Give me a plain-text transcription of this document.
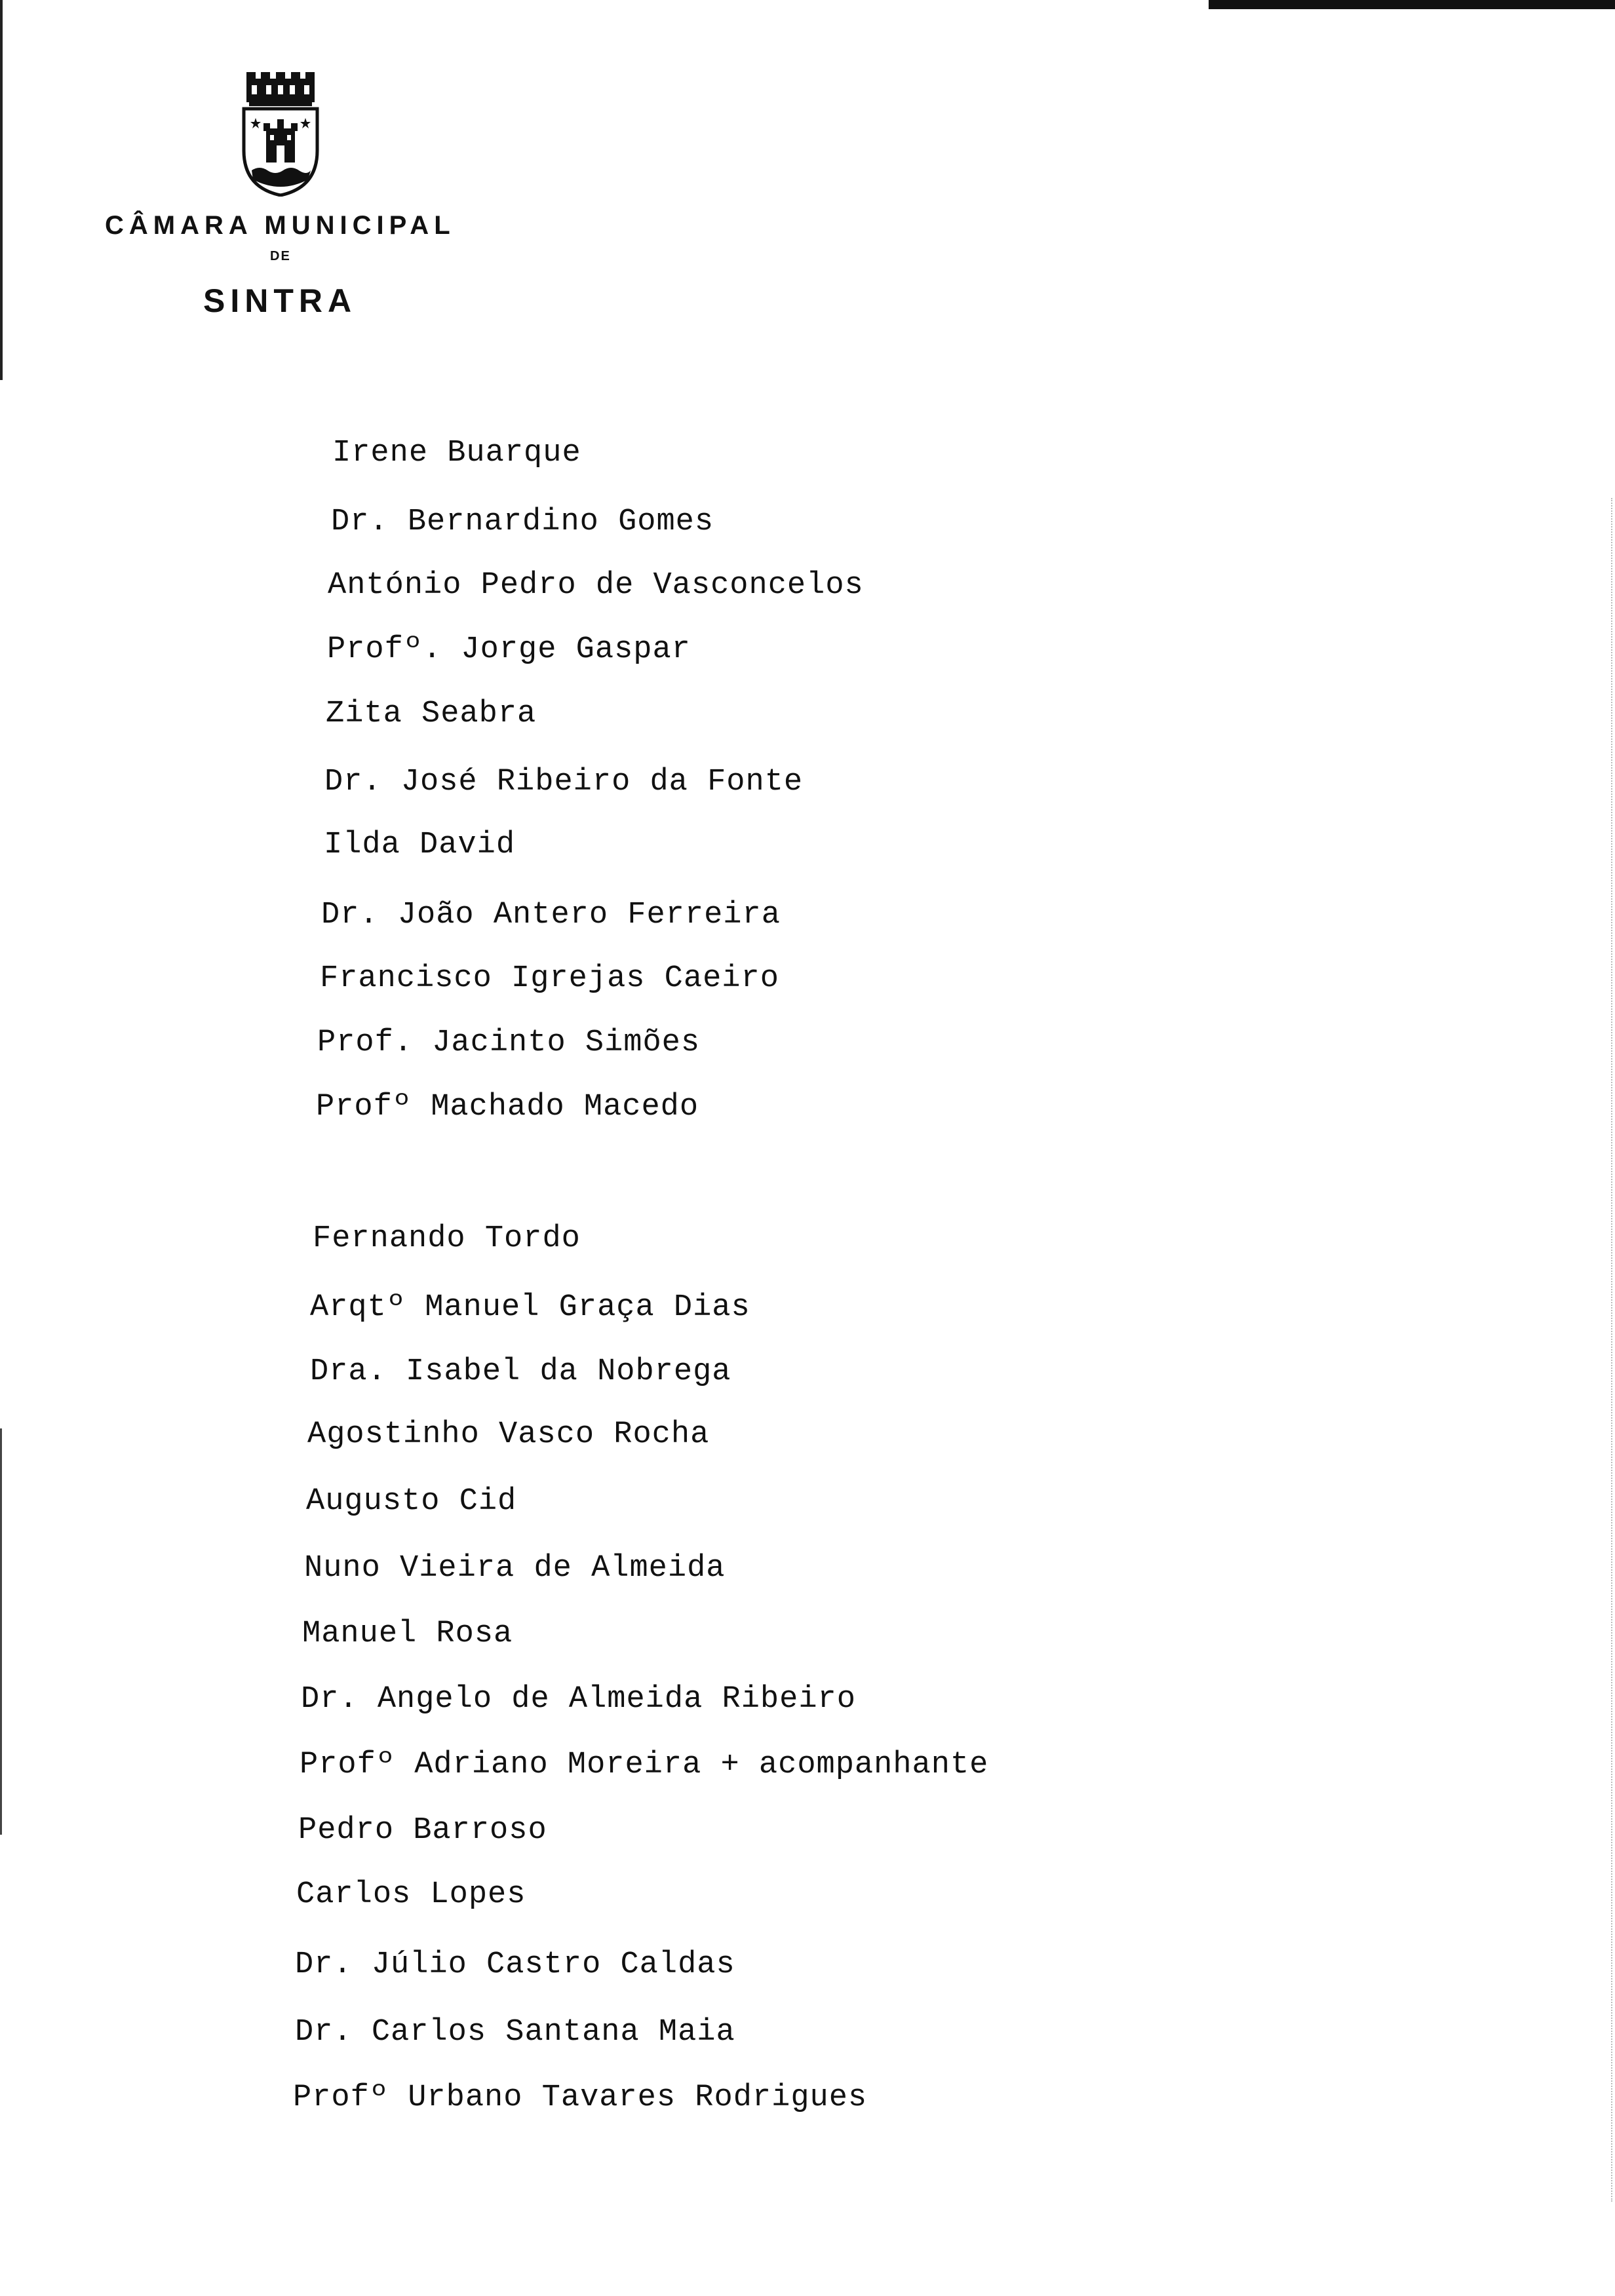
CÂMARA MUNICIPAL
DE
SINTRA
Irene Buarque
Dr. Bernardino Gomes
António Pedro de Vasconcelos
Profº. Jorge Gaspar
Zita Seabra
Dr. José Ribeiro da Fonte
Ilda David
Dr. João Antero Ferreira
Francisco Igrejas Caeiro
Prof. Jacinto Simões
Profº Machado Macedo
Fernando Tordo
Arqtº Manuel Graça Dias
Dra. Isabel da Nobrega
Agostinho Vasco Rocha
Augusto Cid
Nuno Vieira de Almeida
Manuel Rosa
Dr. Angelo de Almeida Ribeiro
Profº Adriano Moreira + acompanhante
Pedro Barroso
Carlos Lopes
Dr. Júlio Castro Caldas
Dr. Carlos Santana Maia
Profº Urbano Tavares Rodrigues
